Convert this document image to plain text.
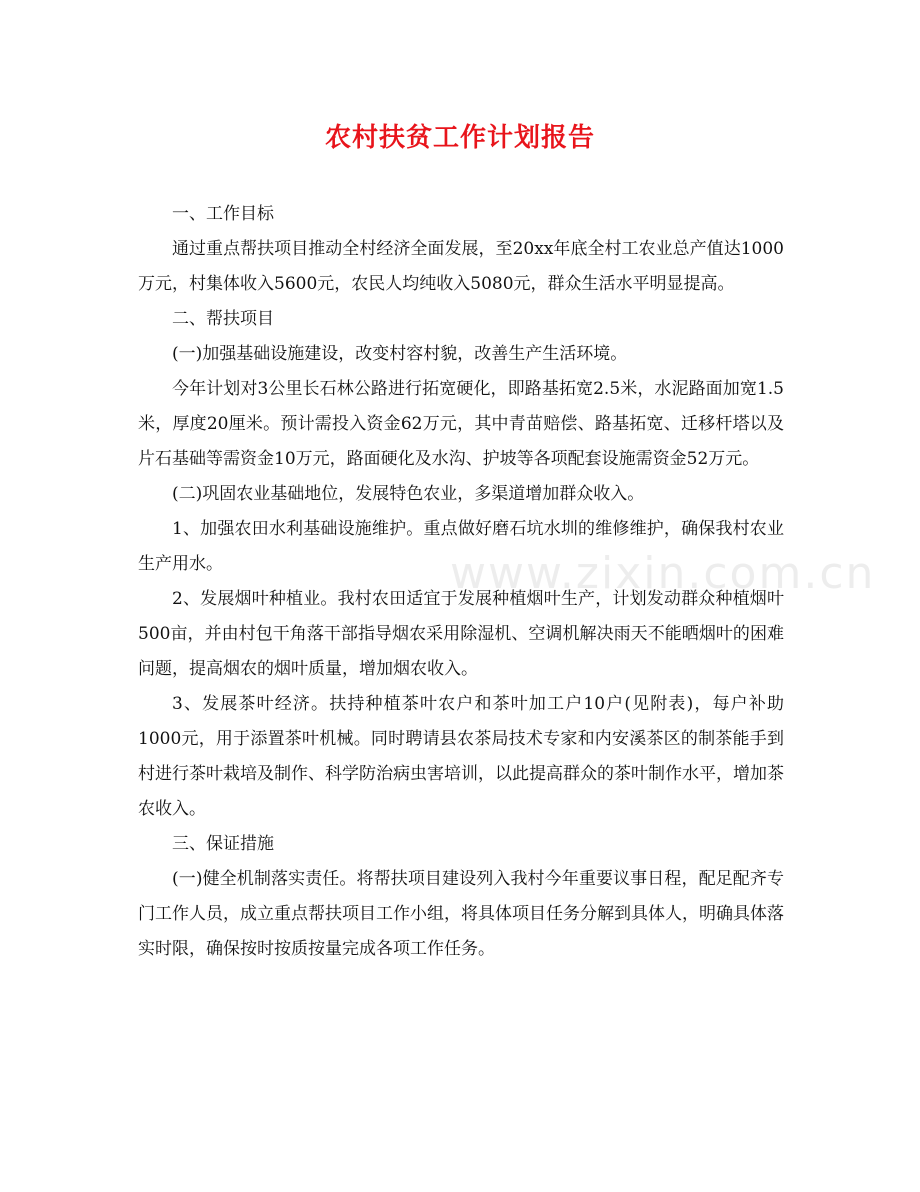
农村扶贫工作计划报告

一、工作目标

通过重点帮扶项目推动全村经济全面发展，至20xx年底全村工农业总产值达1000万元，村集体收入5600元，农民人均纯收入5080元，群众生活水平明显提高。

二、帮扶项目

(一)加强基础设施建设，改变村容村貌，改善生产生活环境。

今年计划对3公里长石林公路进行拓宽硬化，即路基拓宽2.5米，水泥路面加宽1.5米，厚度20厘米。预计需投入资金62万元，其中青苗赔偿、路基拓宽、迁移杆塔以及片石基础等需资金10万元，路面硬化及水沟、护坡等各项配套设施需资金52万元。

(二)巩固农业基础地位，发展特色农业，多渠道增加群众收入。

1、加强农田水利基础设施维护。重点做好磨石坑水圳的维修维护，确保我村农业生产用水。

2、发展烟叶种植业。我村农田适宜于发展种植烟叶生产，计划发动群众种植烟叶500亩，并由村包干角落干部指导烟农采用除湿机、空调机解决雨天不能晒烟叶的困难问题，提高烟农的烟叶质量，增加烟农收入。

3、发展茶叶经济。扶持种植茶叶农户和茶叶加工户10户(见附表)，每户补助1000元，用于添置茶叶机械。同时聘请县农茶局技术专家和内安溪茶区的制茶能手到村进行茶叶栽培及制作、科学防治病虫害培训，以此提高群众的茶叶制作水平，增加茶农收入。

三、保证措施

(一)健全机制落实责任。将帮扶项目建设列入我村今年重要议事日程，配足配齐专门工作人员，成立重点帮扶项目工作小组，将具体项目任务分解到具体人，明确具体落实时限，确保按时按质按量完成各项工作任务。

www.zixin.com.cn
